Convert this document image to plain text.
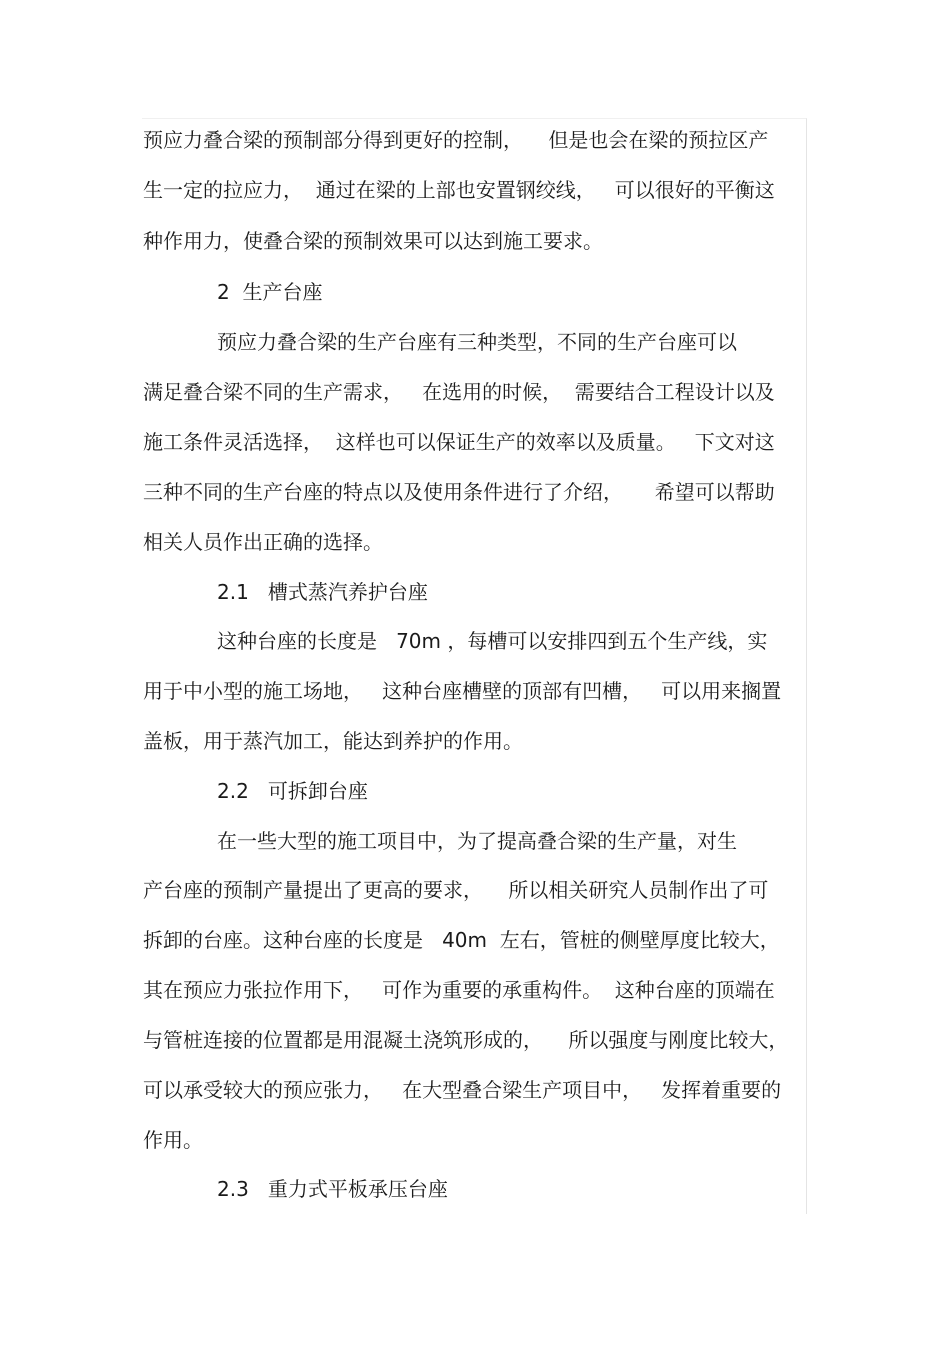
预应力叠合梁的预制部分得到更好的控制，    但是也会在梁的预拉区产
生一定的拉应力，  通过在梁的上部也安置钢绞线，   可以很好的平衡这
种作用力，使叠合梁的预制效果可以达到施工要求。
2  生产台座
预应力叠合梁的生产台座有三种类型，不同的生产台座可以
满足叠合梁不同的生产需求，   在选用的时候，  需要结合工程设计以及
施工条件灵活选择，  这样也可以保证生产的效率以及质量。   下文对这
三种不同的生产台座的特点以及使用条件进行了介绍，     希望可以帮助
相关人员作出正确的选择。
2.1   槽式蒸汽养护台座
这种台座的长度是   70m ，每槽可以安排四到五个生产线，实
用于中小型的施工场地，   这种台座槽壁的顶部有凹槽，   可以用来搁置
盖板，用于蒸汽加工，能达到养护的作用。
2.2   可拆卸台座
在一些大型的施工项目中，为了提高叠合梁的生产量，对生
产台座的预制产量提出了更高的要求，    所以相关研究人员制作出了可
拆卸的台座。这种台座的长度是   40m  左右，管桩的侧壁厚度比较大，
其在预应力张拉作用下，   可作为重要的承重构件。  这种台座的顶端在
与管桩连接的位置都是用混凝土浇筑形成的，    所以强度与刚度比较大，
可以承受较大的预应张力，   在大型叠合梁生产项目中，   发挥着重要的
作用。
2.3   重力式平板承压台座
